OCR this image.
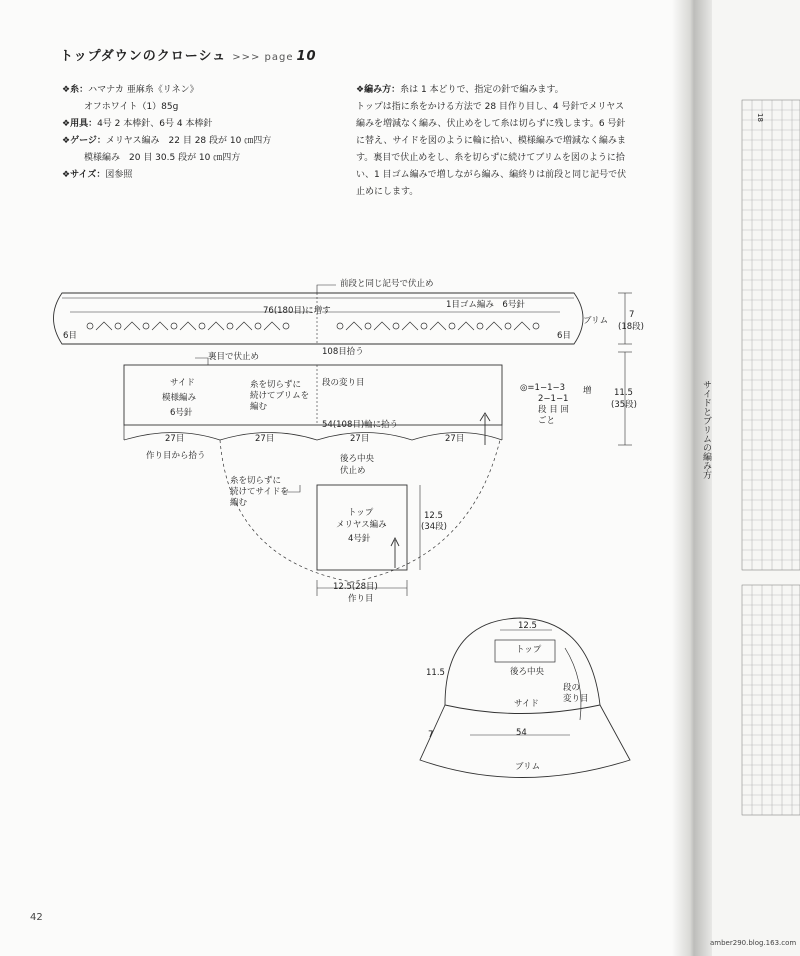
トップダウンのクローシュ >>> page 10
❖糸：ハマナカ 亜麻糸《リネン》
オフホワイト（1）85g
❖用具：4号 2 本棒針、6号 4 本棒針
❖ゲージ：メリヤス編み　22 目 28 段が 10 ㎝四方
模様編み　20 目 30.5 段が 10 ㎝四方
❖サイズ：図参照

❖編み方：糸は 1 本どりで、指定の針で編みます。

トップは指に糸をかける方法で 28 目作り目し、4 号針でメリヤス

編みを増減なく編み、伏止めをして糸は切らずに残します。6 号針

に替え、サイドを図のように輪に拾い、模様編みで増減なく編みま

す。裏目で伏止めをし、糸を切らずに続けてブリムを図のように拾

い、1 目ゴム編みで増しながら編み、編終りは前段と同じ記号で伏

止めにします。

前段と同じ記号で伏止め
76(180目)に増す
1目ゴム編み　6号針
ブリム
7
(18段)
6目	6目
108目拾う
裏目で伏止め
サイド
模様編み
6号針
糸を切らずに
続けてブリムを
編む
段の変り目	◎=1−1−3
2−1−1
段 目 回
ごと
増	11.5
(35段)
54(108目)輪に拾う
27目	27目	27目	27目
作り目から拾う	後ろ中央
伏止め
糸を切らずに
続けてサイドを
編む
トップ
メリヤス編み
4号針
12.5
(34段)
12.5(28目)
作り目
12.5
トップ
後ろ中央
11.5
段の
変り目
サイド
54
7
ブリム
サイドとブリムの編み方
18
42
amber290.blog.163.com
